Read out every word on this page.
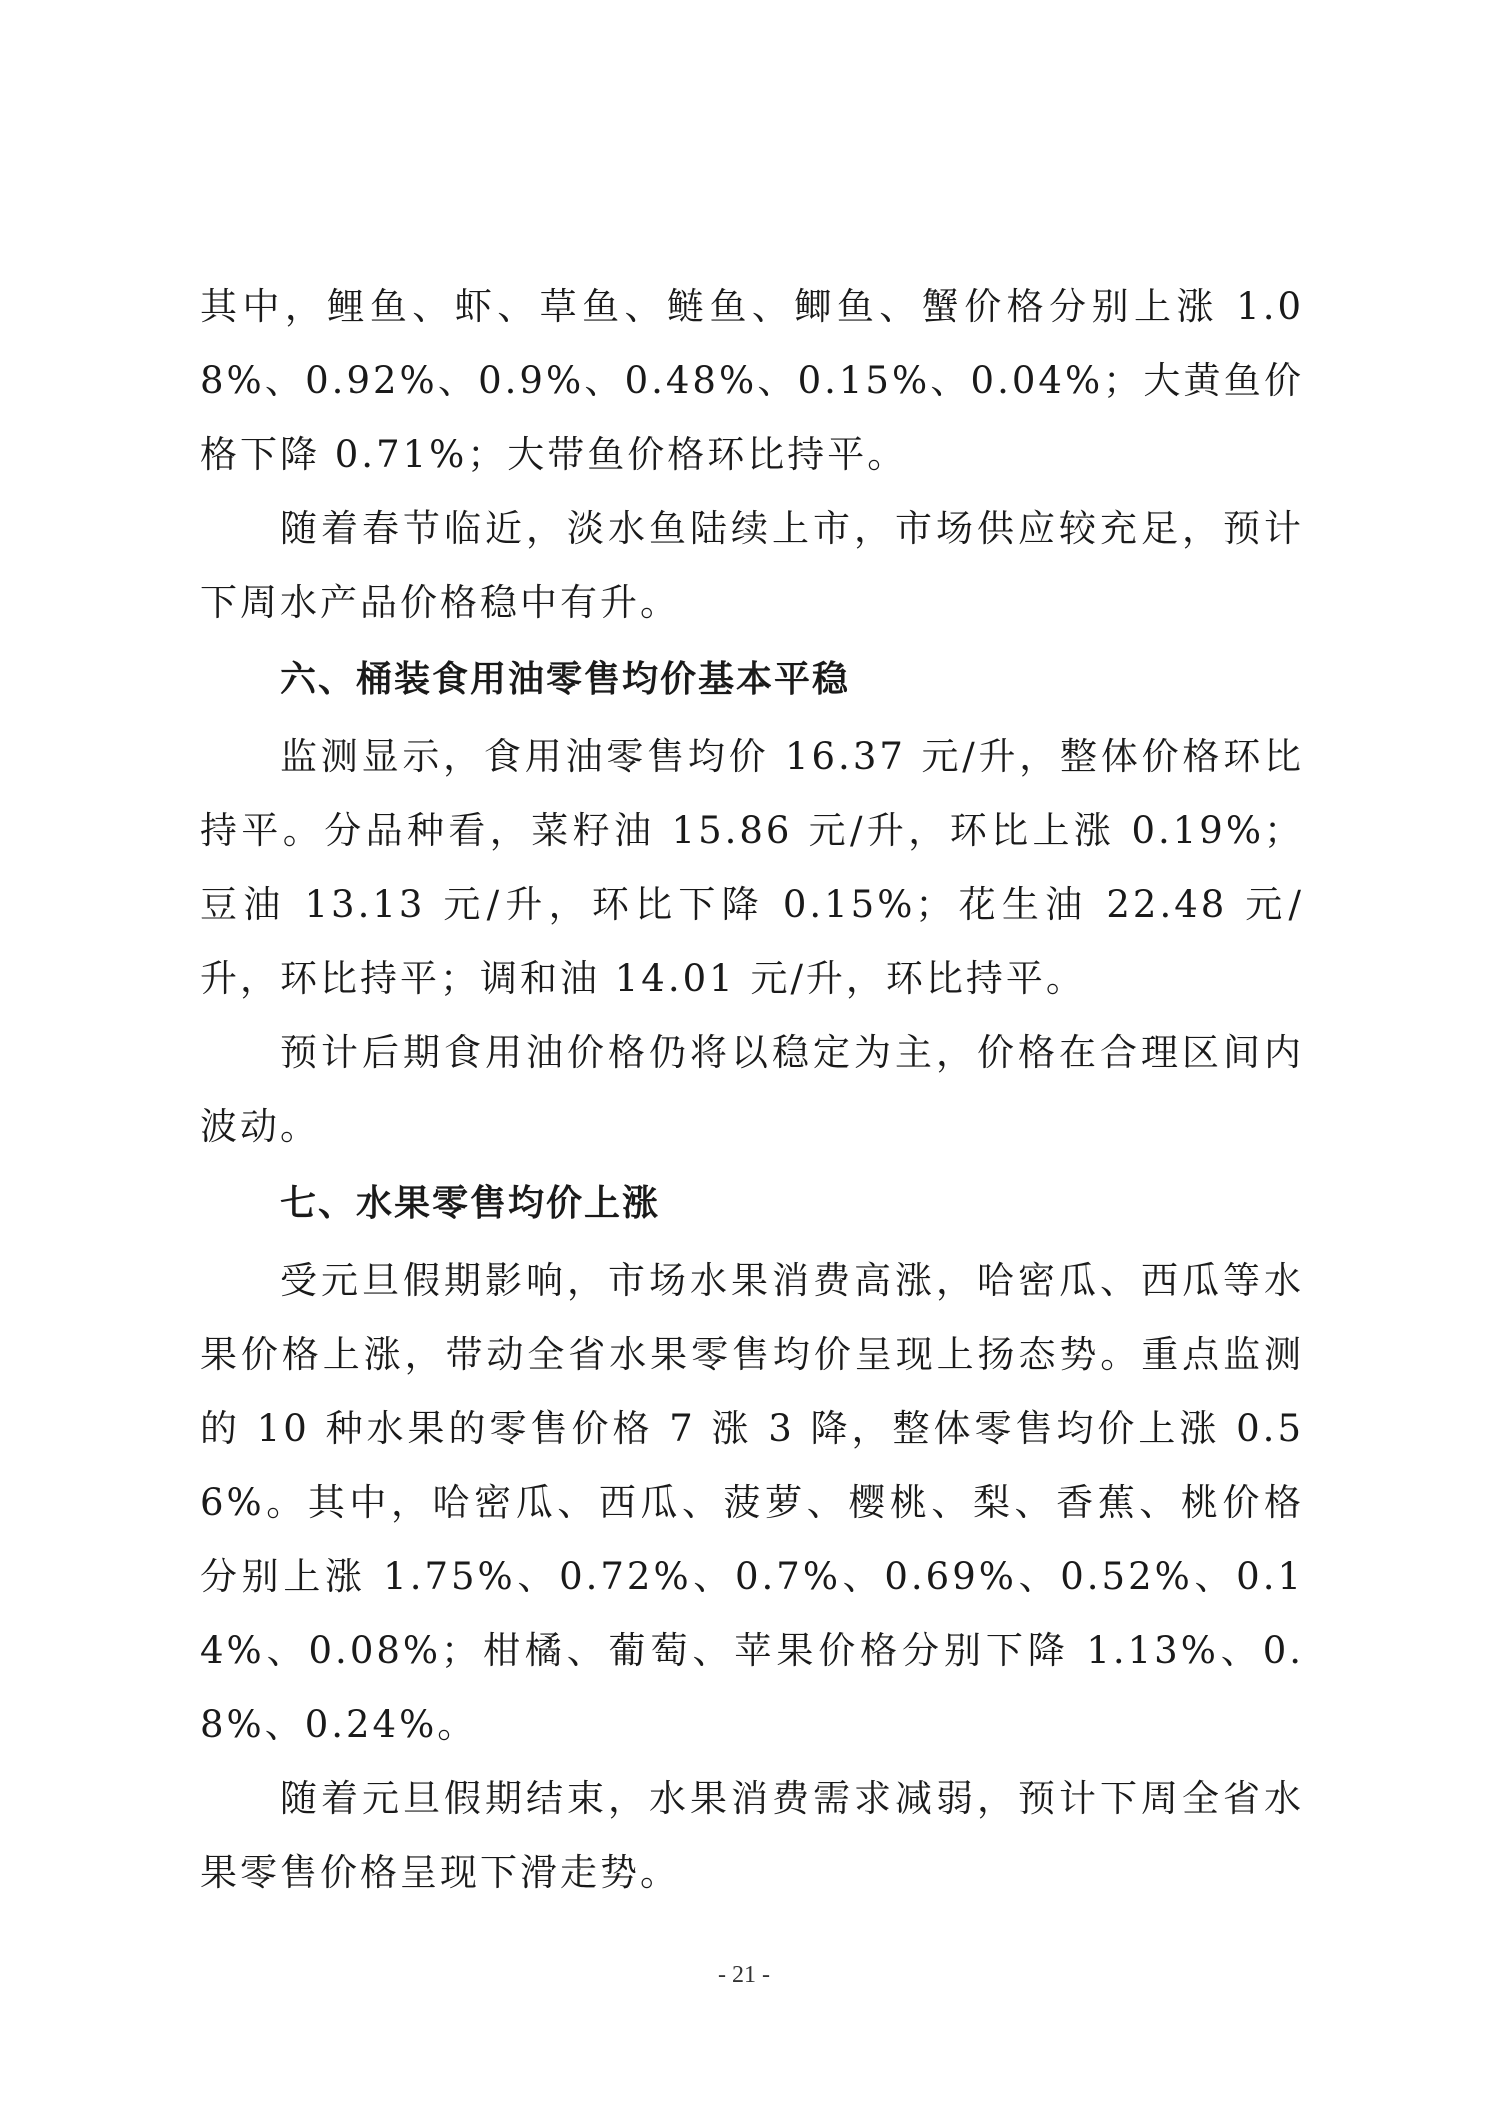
其中，鲤鱼、虾、草鱼、鲢鱼、鲫鱼、蟹价格分别上涨 1.08%、0.92%、0.9%、0.48%、0.15%、0.04%；大黄鱼价格下降 0.71%；大带鱼价格环比持平。

随着春节临近，淡水鱼陆续上市，市场供应较充足，预计下周水产品价格稳中有升。

六、桶装食用油零售均价基本平稳

监测显示，食用油零售均价 16.37 元/升，整体价格环比持平。分品种看，菜籽油 15.86 元/升，环比上涨 0.19%；豆油 13.13 元/升，环比下降 0.15%；花生油 22.48 元/升，环比持平；调和油 14.01 元/升，环比持平。

预计后期食用油价格仍将以稳定为主，价格在合理区间内波动。

七、水果零售均价上涨

受元旦假期影响，市场水果消费高涨，哈密瓜、西瓜等水果价格上涨，带动全省水果零售均价呈现上扬态势。重点监测的 10 种水果的零售价格 7 涨 3 降，整体零售均价上涨 0.56%。其中，哈密瓜、西瓜、菠萝、樱桃、梨、香蕉、桃价格分别上涨 1.75%、0.72%、0.7%、0.69%、0.52%、0.14%、0.08%；柑橘、葡萄、苹果价格分别下降 1.13%、0.8%、0.24%。

随着元旦假期结束，水果消费需求减弱，预计下周全省水果零售价格呈现下滑走势。

- 21 -
